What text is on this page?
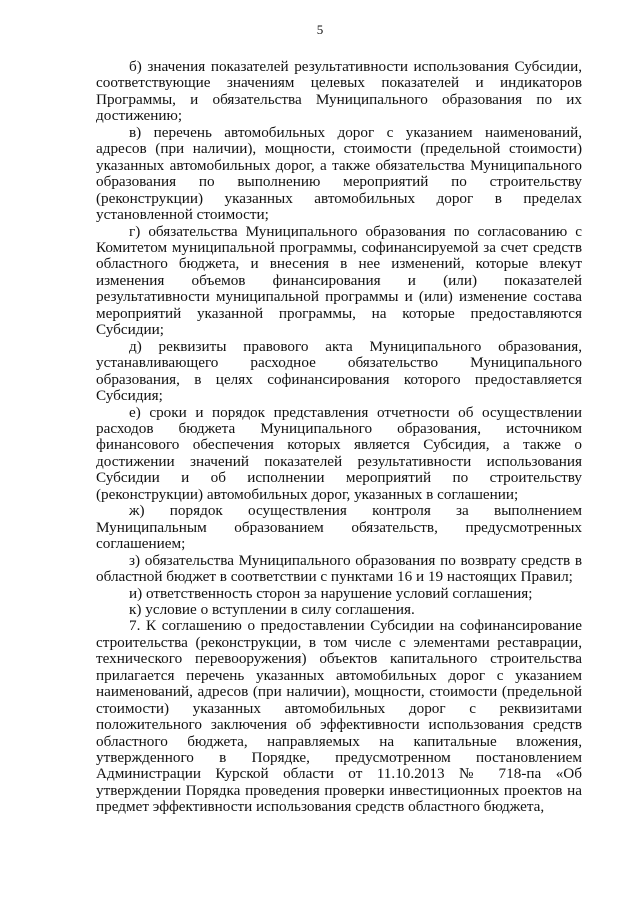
5

б) значения показателей результативности использования Субсидии, соответствующие значениям целевых показателей и индикаторов Программы, и обязательства Муниципального образования по их достижению;

в) перечень автомобильных дорог с указанием наименований, адресов (при наличии), мощности, стоимости (предельной стоимости) указанных автомобильных дорог, а также обязательства Муниципального образования по выполнению мероприятий по строительству (реконструкции) указанных автомобильных дорог в пределах установленной стоимости;

г) обязательства Муниципального образования по согласованию с Комитетом муниципальной программы, софинансируемой за счет средств областного бюджета, и внесения в нее изменений, которые влекут изменения объемов финансирования и (или) показателей результативности муниципальной программы и (или) изменение состава мероприятий указанной программы, на которые предоставляются Субсидии;

д) реквизиты правового акта Муниципального образования, устанавливающего расходное обязательство Муниципального образования, в целях софинансирования которого предоставляется Субсидия;

е) сроки и порядок представления отчетности об осуществлении расходов бюджета Муниципального образования, источником финансового обеспечения которых является Субсидия, а также о достижении значений показателей результативности использования Субсидии и об исполнении мероприятий по строительству (реконструкции) автомобильных дорог, указанных в соглашении;

ж) порядок осуществления контроля за выполнением Муниципальным образованием обязательств, предусмотренных соглашением;

з) обязательства Муниципального образования по возврату средств в областной бюджет в соответствии с пунктами 16 и 19 настоящих Правил;

и) ответственность сторон за нарушение условий соглашения;

к) условие о вступлении в силу соглашения.

7. К соглашению о предоставлении Субсидии на софинансирование строительства (реконструкции, в том числе с элементами реставрации, технического перевооружения) объектов капитального строительства прилагается перечень указанных автомобильных дорог с указанием наименований, адресов (при наличии), мощности, стоимости (предельной стоимости) указанных автомобильных дорог с реквизитами положительного заключения об эффективности использования средств областного бюджета, направляемых на капитальные вложения, утвержденного в Порядке, предусмотренном постановлением Администрации Курской области от 11.10.2013 № 718-па «Об утверждении Порядка проведения проверки инвестиционных проектов на предмет эффективности использования средств областного бюджета,
